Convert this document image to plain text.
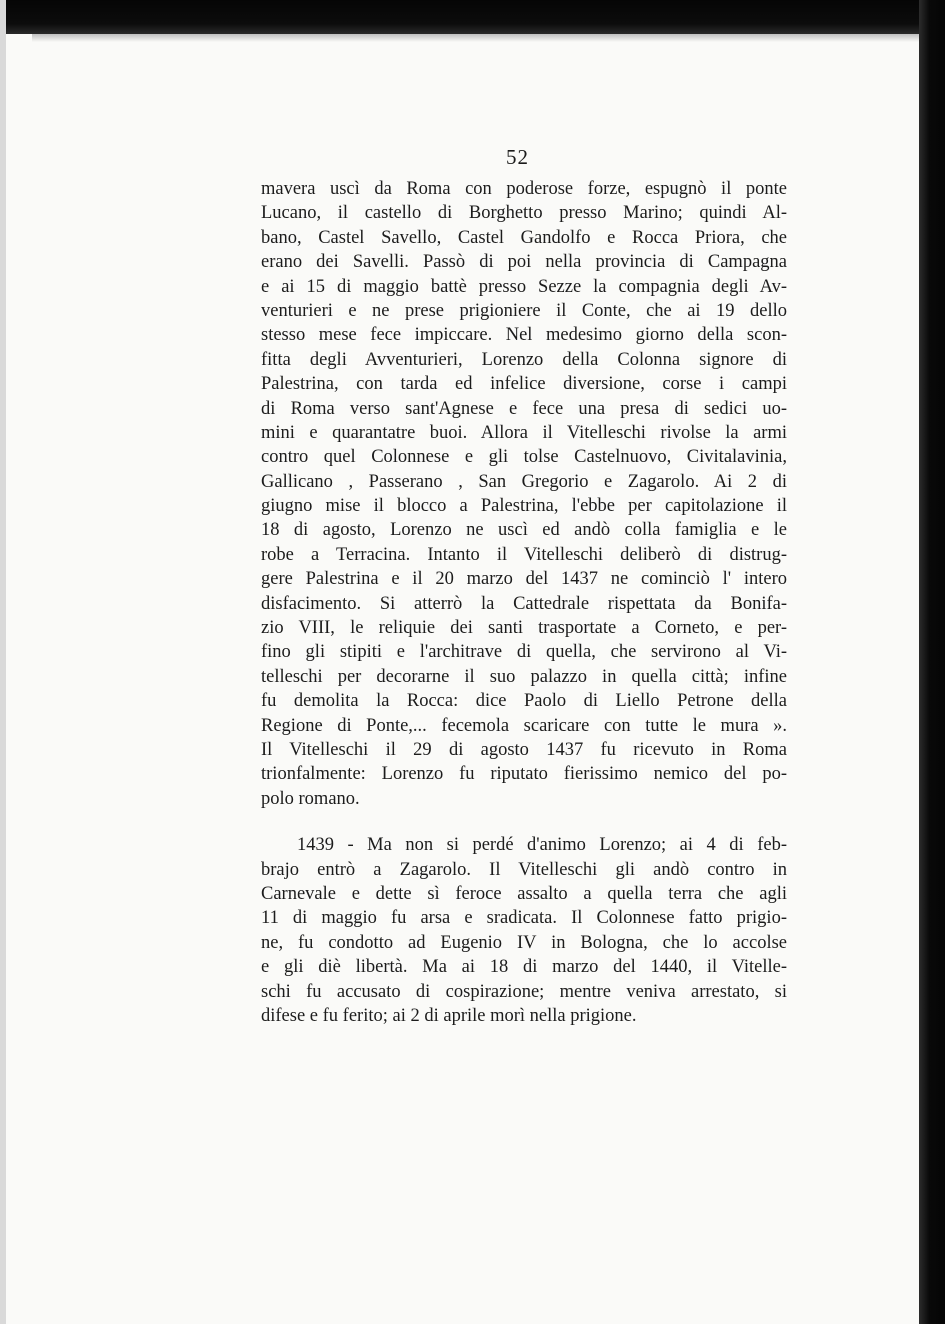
52
mavera uscì da Roma con poderose forze, espugnò il ponte
Lucano, il castello di Borghetto presso Marino; quindi Al-
bano, Castel Savello, Castel Gandolfo e Rocca Priora, che
erano dei Savelli. Passò di poi nella provincia di Campagna
e ai 15 di maggio battè presso Sezze la compagnia degli Av-
venturieri e ne prese prigioniere il Conte, che ai 19 dello
stesso mese fece impiccare. Nel medesimo giorno della scon-
fitta degli Avventurieri, Lorenzo della Colonna signore di
Palestrina, con tarda ed infelice diversione, corse i campi
di Roma verso sant'Agnese e fece una presa di sedici uo-
mini e quarantatre buoi. Allora il Vitelleschi rivolse la armi
contro quel Colonnese e gli tolse Castelnuovo, Civitalavinia,
Gallicano , Passerano , San Gregorio e Zagarolo. Ai 2 di
giugno mise il blocco a Palestrina, l'ebbe per capitolazione il
18 di agosto, Lorenzo ne uscì ed andò colla famiglia e le
robe a Terracina. Intanto il Vitelleschi deliberò di distrug-
gere Palestrina e il 20 marzo del 1437 ne cominciò l' intero
disfacimento. Si atterrò la Cattedrale rispettata da Bonifa-
zio VIII, le reliquie dei santi trasportate a Corneto, e per-
fino gli stipiti e l'architrave di quella, che servirono al Vi-
telleschi per decorarne il suo palazzo in quella città; infine
fu demolita la Rocca: dice Paolo di Liello Petrone della
Regione di Ponte,... fecemola scaricare con tutte le mura ».
Il Vitelleschi il 29 di agosto 1437 fu ricevuto in Roma
trionfalmente: Lorenzo fu riputato fierissimo nemico del po-
polo romano.
1439 - Ma non si perdé d'animo Lorenzo; ai 4 di feb-
brajo entrò a Zagarolo. Il Vitelleschi gli andò contro in
Carnevale e dette sì feroce assalto a quella terra che agli
11 di maggio fu arsa e sradicata. Il Colonnese fatto prigio-
ne, fu condotto ad Eugenio IV in Bologna, che lo accolse
e gli diè libertà. Ma ai 18 di marzo del 1440, il Vitelle-
schi fu accusato di cospirazione; mentre veniva arrestato, si
difese e fu ferito; ai 2 di aprile morì nella prigione.
